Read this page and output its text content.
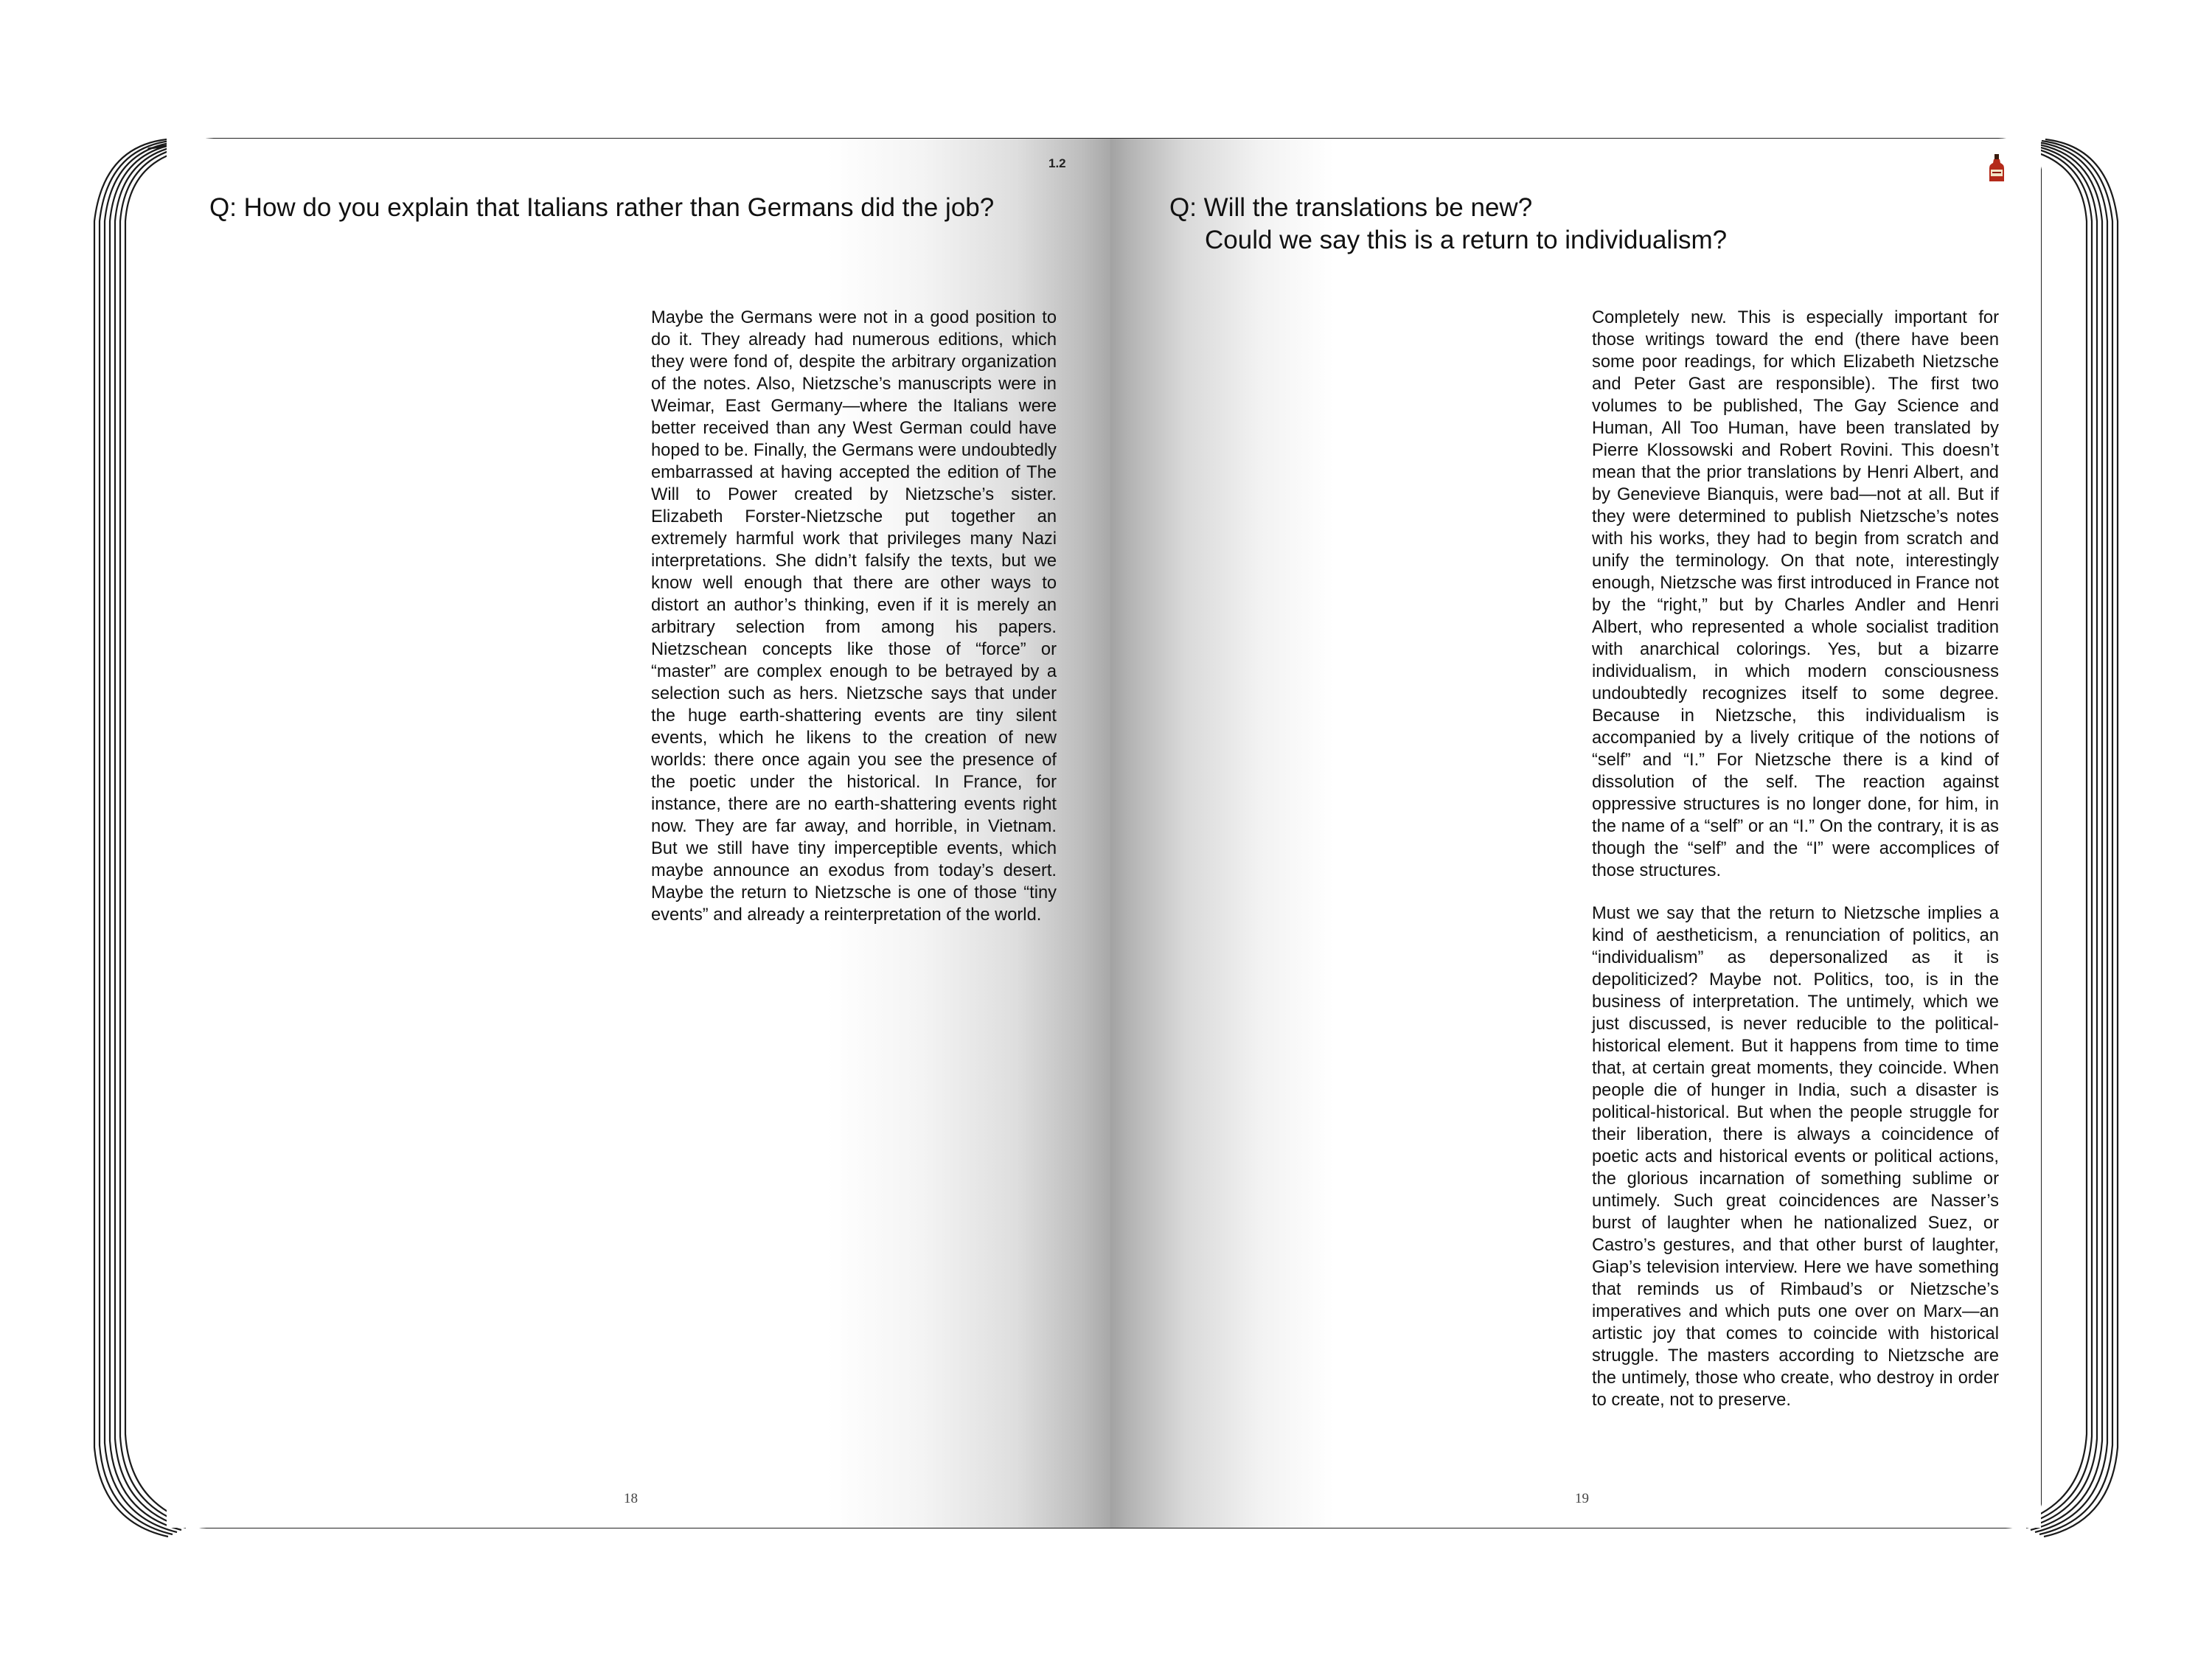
1.2
Q: How do you explain that Italians rather than Germans did the job?

Maybe the Germans were not in a good position to do it. They already had numerous editions, which they were fond of, despite the arbitrary organization of the notes. Also, Nietzsche’s manuscripts were in Weimar, East Germany—where the Italians were better received than any West German could have hoped to be. Finally, the Germans were undoubtedly embarrassed at having accepted the edition of The Will to Power created by Nietzsche’s sister. Elizabeth Forster-Nietzsche put together an extremely harmful work that privileges many Nazi interpretations. She didn’t falsify the texts, but we know well enough that there are other ways to distort an author’s thinking, even if it is merely an arbitrary selection from among his papers. Nietzschean concepts like those of “force” or “master” are complex enough to be betrayed by a selection such as hers. Nietzsche says that under the huge earth-shattering events are tiny silent events, which he likens to the creation of new worlds: there once again you see the presence of the poetic under the historical. In France, for instance, there are no earth-shattering events right now. They are far away, and horrible, in Vietnam. But we still have tiny imperceptible events, which maybe announce an exodus from today’s desert. Maybe the return to Nietzsche is one of those “tiny events” and already a reinterpretation of the world.

18
Q: Will the translations be new?
Could we say this is a return to individualism?

Completely new. This is especially important for those writings toward the end (there have been some poor readings, for which Elizabeth Nietzsche and Peter Gast are responsible). The first two volumes to be published, The Gay Science and Human, All Too Human, have been translated by Pierre Klossowski and Robert Rovini. This doesn’t mean that the prior translations by Henri Albert, and by Genevieve Bianquis, were bad—not at all. But if they were determined to publish Nietzsche’s notes with his works, they had to begin from scratch and unify the terminology. On that note, interestingly enough, Nietzsche was first introduced in France not by the “right,” but by Charles Andler and Henri Albert, who represented a whole socialist tradition with anarchical colorings. Yes, but a bizarre individualism, in which modern consciousness undoubtedly recognizes itself to some degree. Because in Nietzsche, this individualism is accompanied by a lively critique of the notions of “self” and “I.” For Nietzsche there is a kind of dissolution of the self. The reaction against oppressive structures is no longer done, for him, in the name of a “self” or an “I.” On the contrary, it is as though the “self” and the “I” were accomplices of those structures.

Must we say that the return to Nietzsche implies a kind of aestheticism, a renunciation of politics, an “individualism” as depersonalized as it is depoliticized? Maybe not. Politics, too, is in the business of interpretation. The untimely, which we just discussed, is never reducible to the political-historical element. But it happens from time to time that, at certain great moments, they coincide. When people die of hunger in India, such a disaster is political-historical. But when the people struggle for their liberation, there is always a coincidence of poetic acts and historical events or political actions, the glorious incarnation of something sublime or untimely. Such great coincidences are Nasser’s burst of laughter when he nationalized Suez, or Castro’s gestures, and that other burst of laughter, Giap’s television interview. Here we have something that reminds us of Rimbaud’s or Nietzsche’s imperatives and which puts one over on Marx—an artistic joy that comes to coincide with historical struggle. The masters according to Nietzsche are the untimely, those who create, who destroy in order to create, not to preserve.

19
